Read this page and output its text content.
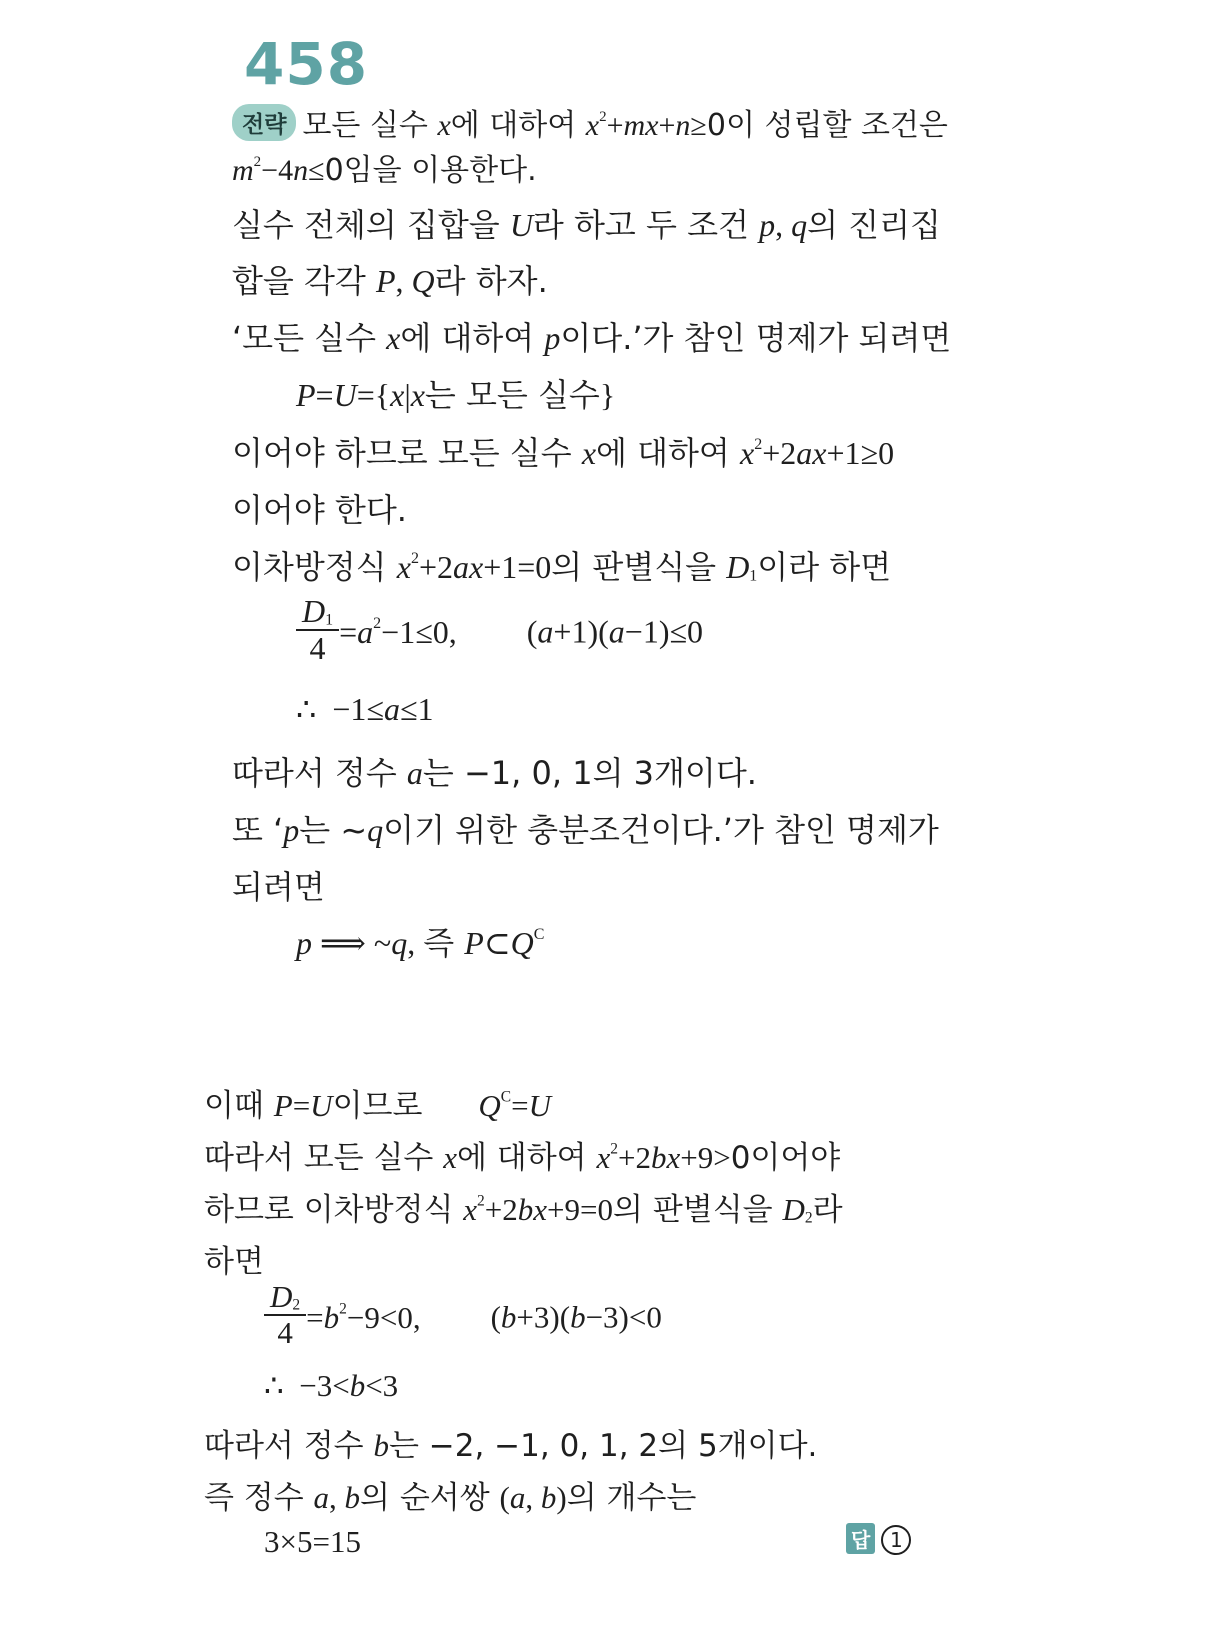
458
전략 모든 실수 x에 대하여 $x^2+mx+n\ge 0$이 성립할 조건은
$m^2-4n\le 0$임을 이용한다.
실수 전체의 집합을 U라 하고 두 조건 p, q의 진리집
합을 각각 P, Q라 하자.
‘모든 실수 x에 대하여 p이다.’가 참인 명제가 되려면
P=U={x|x는 모든 실수}
이어야 하므로 모든 실수 x에 대하여 $x^2+2ax+1\ge 0$
이어야 한다.
이차방정식 $x^2+2ax+1=0$의 판별식을 $D_1$이라 하면
$\frac{D_1}{4} =a^2-1\le 0$, (a+1)(a−1)≤0
∴  −1≤a≤1
따라서 정수 a는 −1, 0, 1의 3개이다.
또 ‘p는 ~q이기 위한 충분조건이다.’가 참인 명제가
되려면
p ⟹ ~q, 즉 $P\subset Q^C$
이때 P=U이므로 $Q^C=U$
따라서 모든 실수 x에 대하여 $x^2+2bx+9>0$이어야
하므로 이차방정식 $x^2+2bx+9=0$의 판별식을 $D_2$라
하면
$\frac{D_2}{4} =b^2-9<0$, (b+3)(b−3)<0
∴  −3<b<3
따라서 정수 b는 −2, −1, 0, 1, 2의 5개이다.
즉 정수 a, b의 순서쌍 (a, b)의 개수는
3×5=15	답 1
